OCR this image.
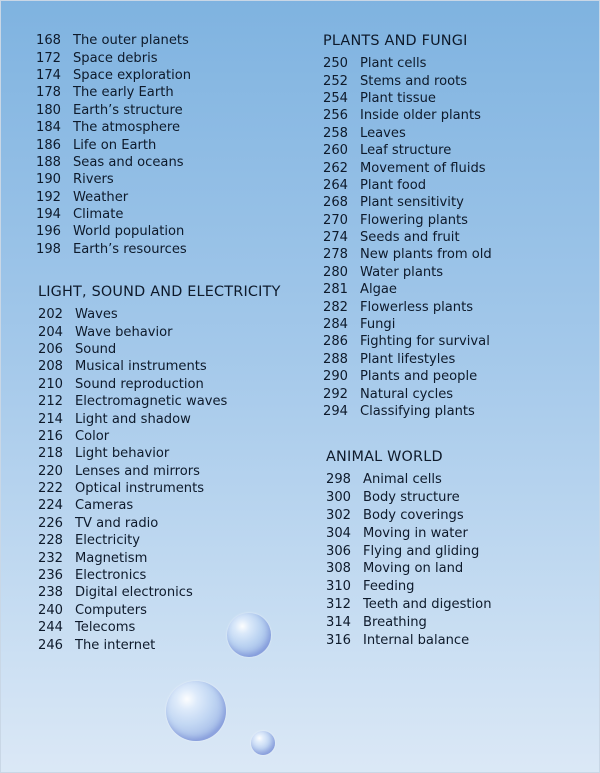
168 The outer planets
172 Space debris
174 Space exploration
178 The early Earth
180 Earth’s structure
184 The atmosphere
186 Life on Earth
188 Seas and oceans
190 Rivers
192 Weather
194 Climate
196 World population
198 Earth’s resources
LIGHT, SOUND AND ELECTRICITY
202 Waves
204 Wave behavior
206 Sound
208 Musical instruments
210 Sound reproduction
212 Electromagnetic waves
214 Light and shadow
216 Color
218 Light behavior
220 Lenses and mirrors
222 Optical instruments
224 Cameras
226 TV and radio
228 Electricity
232 Magnetism
236 Electronics
238 Digital electronics
240 Computers
244 Telecoms
246 The internet
PLANTS AND FUNGI
250 Plant cells
252 Stems and roots
254 Plant tissue
256 Inside older plants
258 Leaves
260 Leaf structure
262 Movement of fluids
264 Plant food
268 Plant sensitivity
270 Flowering plants
274 Seeds and fruit
278 New plants from old
280 Water plants
281 Algae
282 Flowerless plants
284 Fungi
286 Fighting for survival
288 Plant lifestyles
290 Plants and people
292 Natural cycles
294 Classifying plants
ANIMAL WORLD
298 Animal cells
300 Body structure
302 Body coverings
304 Moving in water
306 Flying and gliding
308 Moving on land
310 Feeding
312 Teeth and digestion
314 Breathing
316 Internal balance
